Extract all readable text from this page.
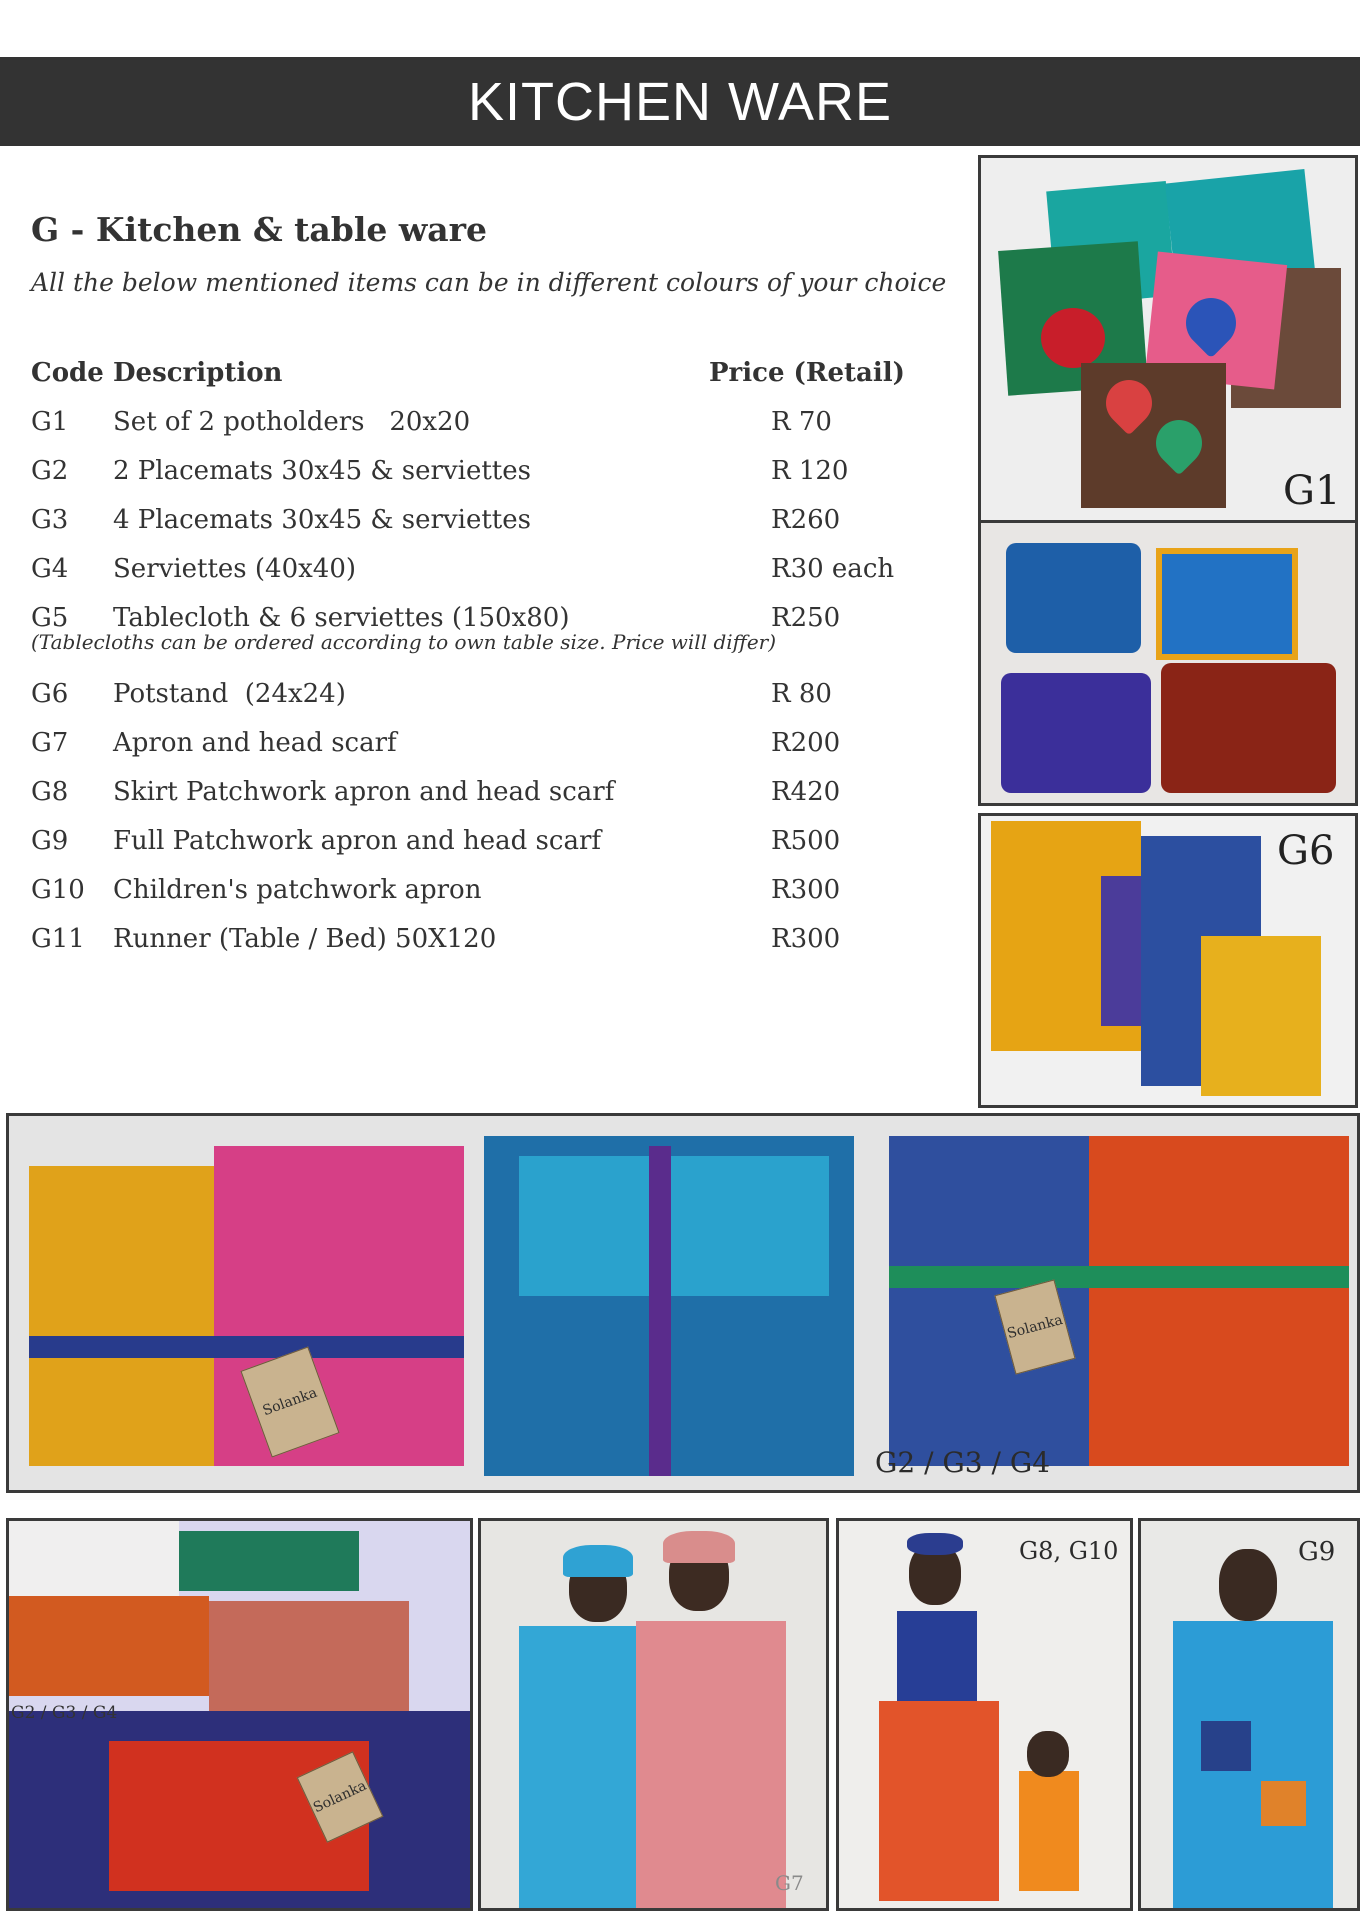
KITCHEN WARE
G - Kitchen & table ware
All the below mentioned items can be in different colours of your choice
Code Description	Price (Retail)
G1 Set of 2 potholders   20x20	R 70
G2 2 Placemats 30x45 & serviettes	R 120
G3 4 Placemats 30x45 & serviettes	R260
G4 Serviettes (40x40)	R30 each
G5 Tablecloth & 6 serviettes (150x80)	R250
(Tablecloths can be ordered according to own table size. Price will differ)
G6 Potstand  (24x24)	R 80
G7 Apron and head scarf	R200
G8 Skirt Patchwork apron and head scarf	R420
G9 Full Patchwork apron and head scarf	R500
G10 Children's patchwork apron	R300
G11 Runner (Table / Bed) 50X120	R300
G1
G6
Solanka
Solanka
G2 / G3 / G4
Solanka
G2 / G3 / G4
G7
G8, G10	G9
